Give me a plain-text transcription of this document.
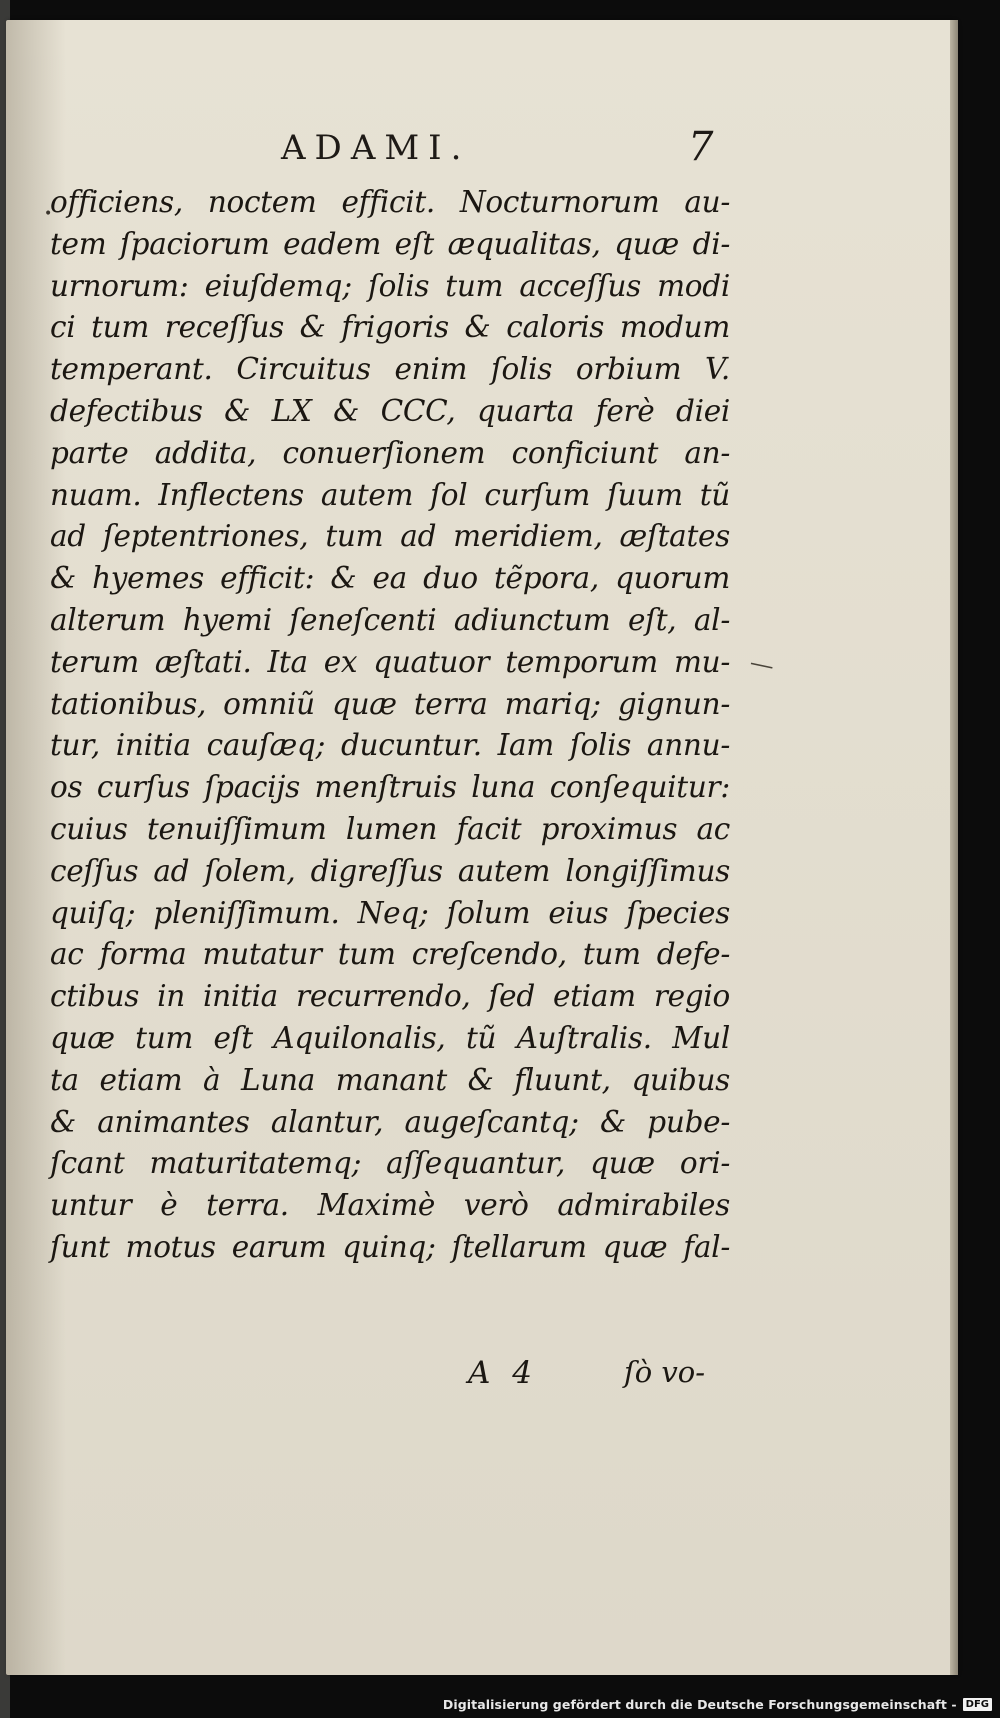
ADAMI.	7
•
officiens, noctem efficit. Nocturnorum au-
tem ſpaciorum eadem eſt æqualitas, quæ di-
urnorum: eiuſdemq; ſolis tum acceſſus modi
ci tum receſſus & frigoris & caloris modum
temperant. Circuitus enim ſolis orbium V.
defectibus & LX & CCC, quarta ferè diei
parte addita, conuerſionem conficiunt an-
nuam. Inflectens autem ſol curſum ſuum tũ
ad ſeptentriones, tum ad meridiem, æſtates
& hyemes efficit: & ea duo tẽpora, quorum
alterum hyemi ſeneſcenti adiunctum eſt, al-
terum æſtati. Ita ex quatuor temporum mu-
tationibus, omniũ quæ terra mariq; gignun-
tur, initia cauſæq; ducuntur. Iam ſolis annu-
os curſus ſpacijs menſtruis luna conſequitur:
cuius tenuiſſimum lumen facit proximus ac
ceſſus ad ſolem, digreſſus autem longiſſimus
quiſq; pleniſſimum. Neq; ſolum eius ſpecies
ac forma mutatur tum creſcendo, tum defe-
ctibus in initia recurrendo, ſed etiam regio
quæ tum eſt Aquilonalis, tũ Auſtralis. Mul
ta etiam à Luna manant & fluunt, quibus
& animantes alantur, augeſcantq; & pube-
ſcant maturitatemq; aſſequantur, quæ ori-
untur è terra. Maximè verò admirabiles
ſunt motus earum quinq; ſtellarum quæ fal-
—
A 4	ſò vo-
Digitalisierung gefördert durch die Deutsche Forschungsgemeinschaft - DFG
